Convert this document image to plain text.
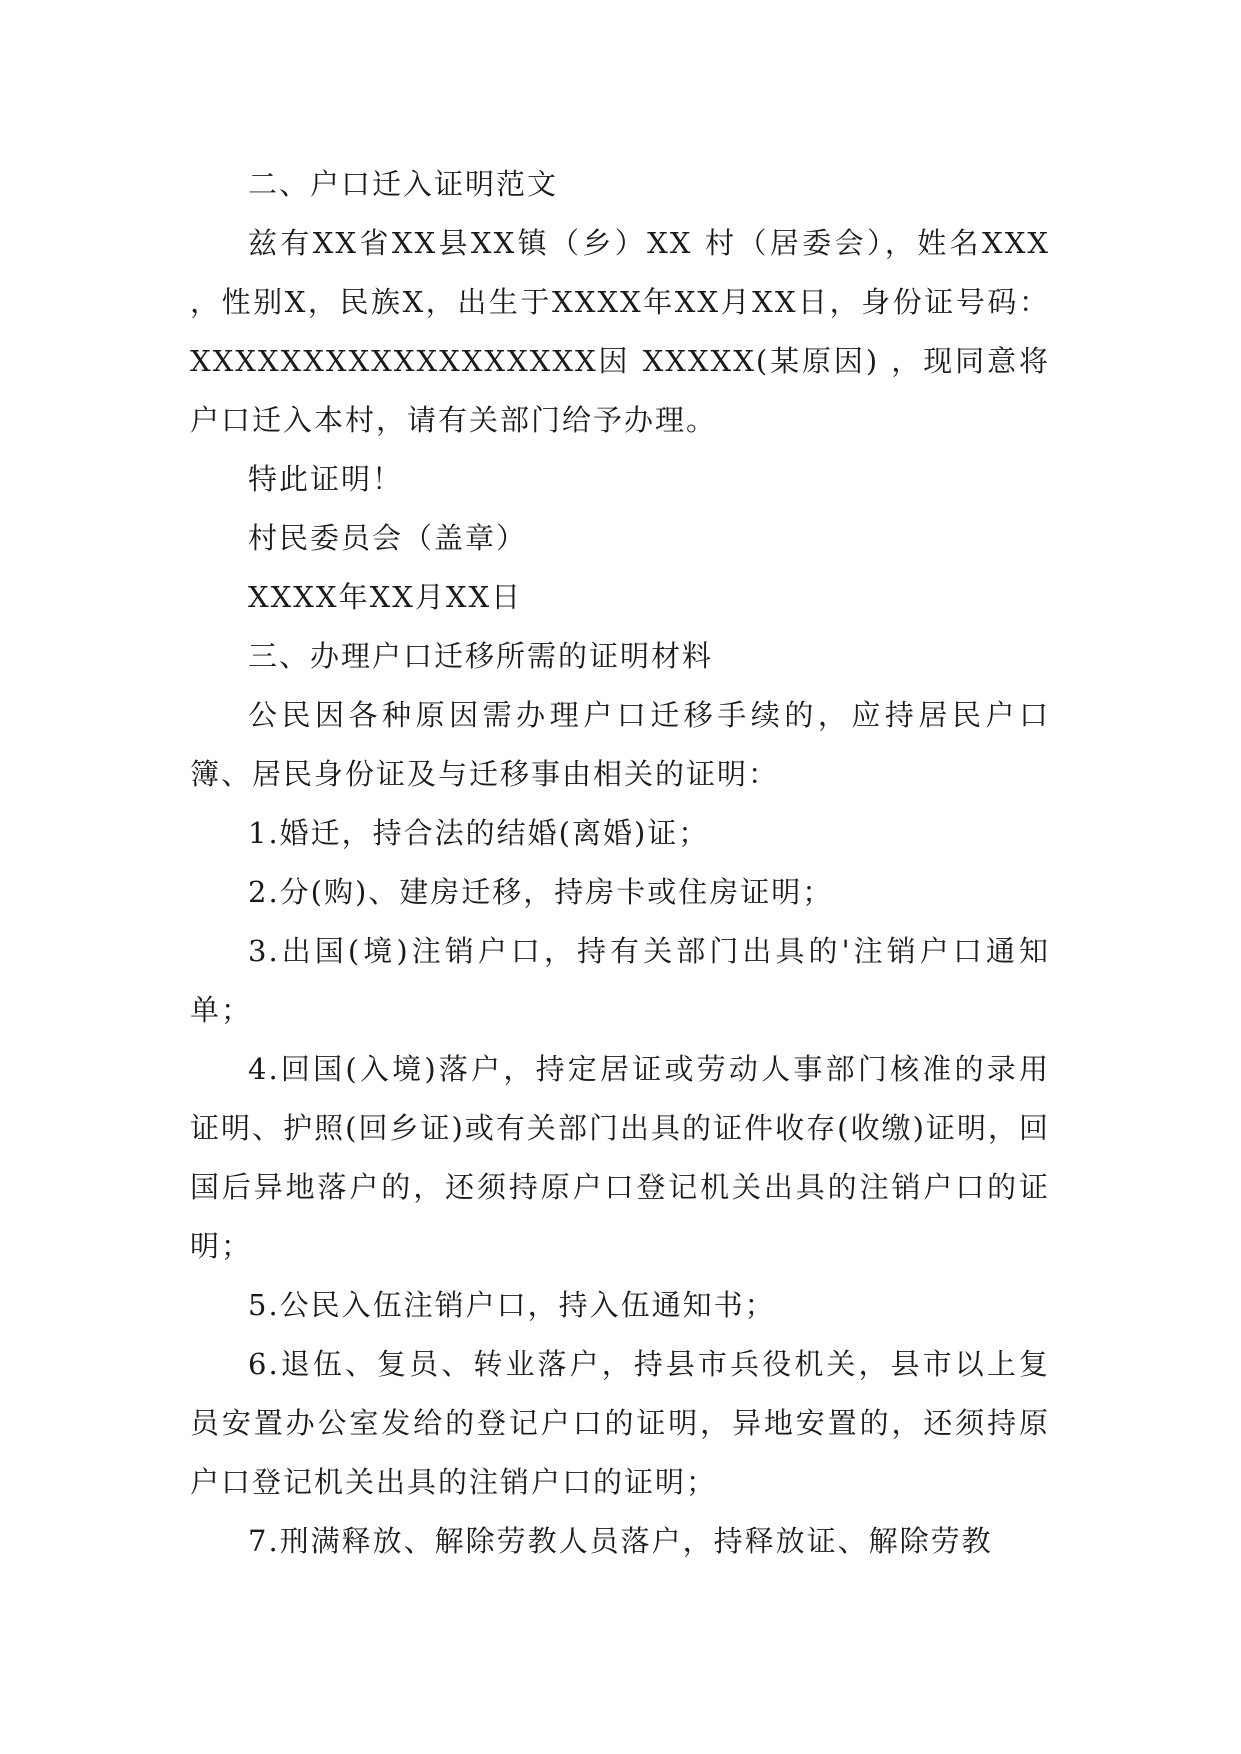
二、户口迁入证明范文

兹有XX省XX县XX镇（乡）XX 村（居委会），姓名XXX ，性别X，民族X，出生于XXXX年XX月XX日，身份证号码：XXXXXXXXXXXXXXXXXX因 XXXXX(某原因) ，现同意将户口迁入本村，请有关部门给予办理。

特此证明！

村民委员会（盖章）

XXXX年XX月XX日

三、办理户口迁移所需的证明材料

公民因各种原因需办理户口迁移手续的，应持居民户口簿、居民身份证及与迁移事由相关的证明：

1.婚迁，持合法的结婚(离婚)证；

2.分(购)、建房迁移，持房卡或住房证明；

3.出国(境)注销户口，持有关部门出具的'注销户口通知单；

4.回国(入境)落户，持定居证或劳动人事部门核准的录用证明、护照(回乡证)或有关部门出具的证件收存(收缴)证明，回国后异地落户的，还须持原户口登记机关出具的注销户口的证明；

5.公民入伍注销户口，持入伍通知书；

6.退伍、复员、转业落户，持县市兵役机关，县市以上复员安置办公室发给的登记户口的证明，异地安置的，还须持原户口登记机关出具的注销户口的证明；

7.刑满释放、解除劳教人员落户，持释放证、解除劳教
